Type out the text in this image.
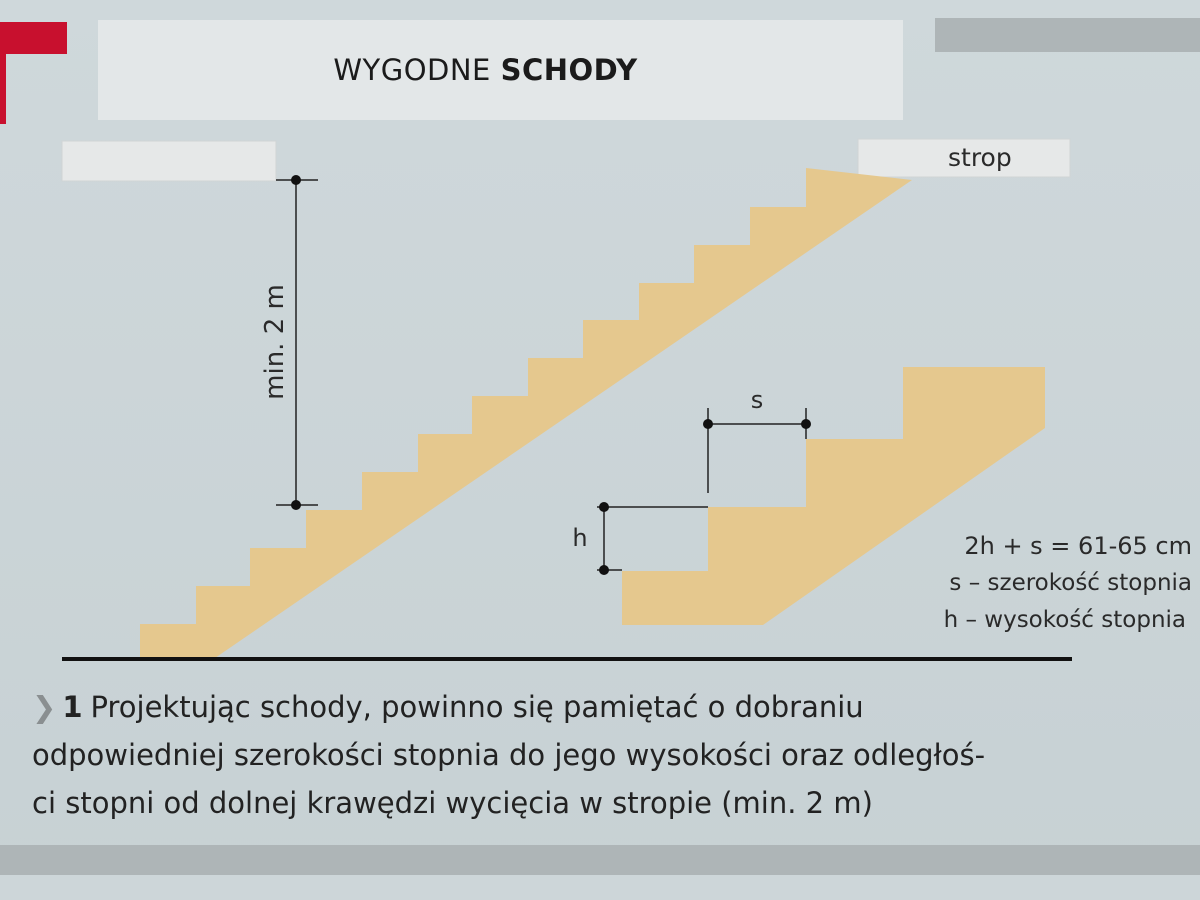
WYGODNE SCHODY
strop
min. 2 m
s
h	2h + s = 61-65 cm
s – szerokość stopnia
h – wysokość stopnia
❯ 1 Projektując schody, powinno się pamiętać o dobraniu
odpowiedniej szerokości stopnia do jego wysokości oraz odległoś-
ci stopni od dolnej krawędzi wycięcia w stropie (min. 2 m)
